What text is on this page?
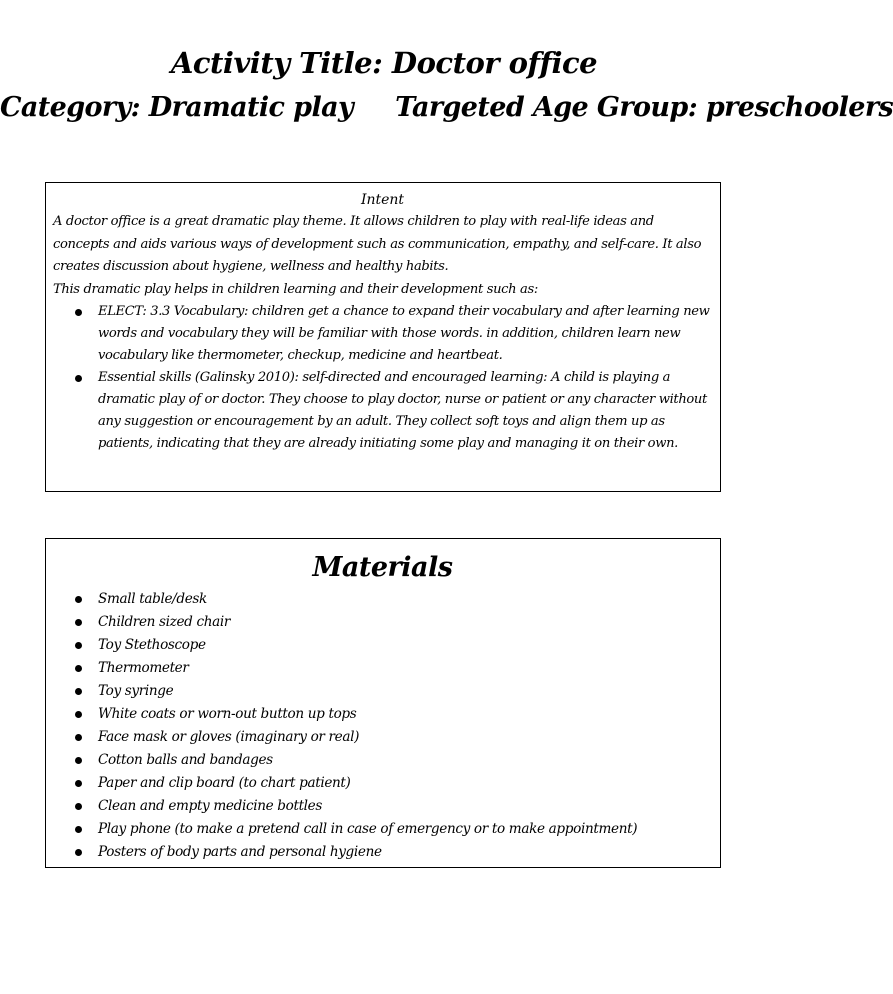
Activity Title: Doctor office
Category: Dramatic play Targeted Age Group: preschoolers
Intent
A doctor office is a great dramatic play theme. It allows children to play with real-life ideas and concepts and aids various ways of development such as communication, empathy, and self-care. It also creates discussion about hygiene, wellness and healthy habits.
This dramatic play helps in children learning and their development such as:
ELECT: 3.3 Vocabulary: children get a chance to expand their vocabulary and after learning new words and vocabulary they will be familiar with those words. in addition, children learn new vocabulary like thermometer, checkup, medicine and heartbeat.
Essential skills (Galinsky 2010): self-directed and encouraged learning: A child is playing a dramatic play of or doctor. They choose to play doctor, nurse or patient or any character without any suggestion or encouragement by an adult. They collect soft toys and align them up as patients, indicating that they are already initiating some play and managing it on their own.
Materials
Small table/desk
Children sized chair
Toy Stethoscope
Thermometer
Toy syringe
White coats or worn-out button up tops
Face mask or gloves (imaginary or real)
Cotton balls and bandages
Paper and clip board (to chart patient)
Clean and empty medicine bottles
Play phone (to make a pretend call in case of emergency or to make appointment)
Posters of body parts and personal hygiene
